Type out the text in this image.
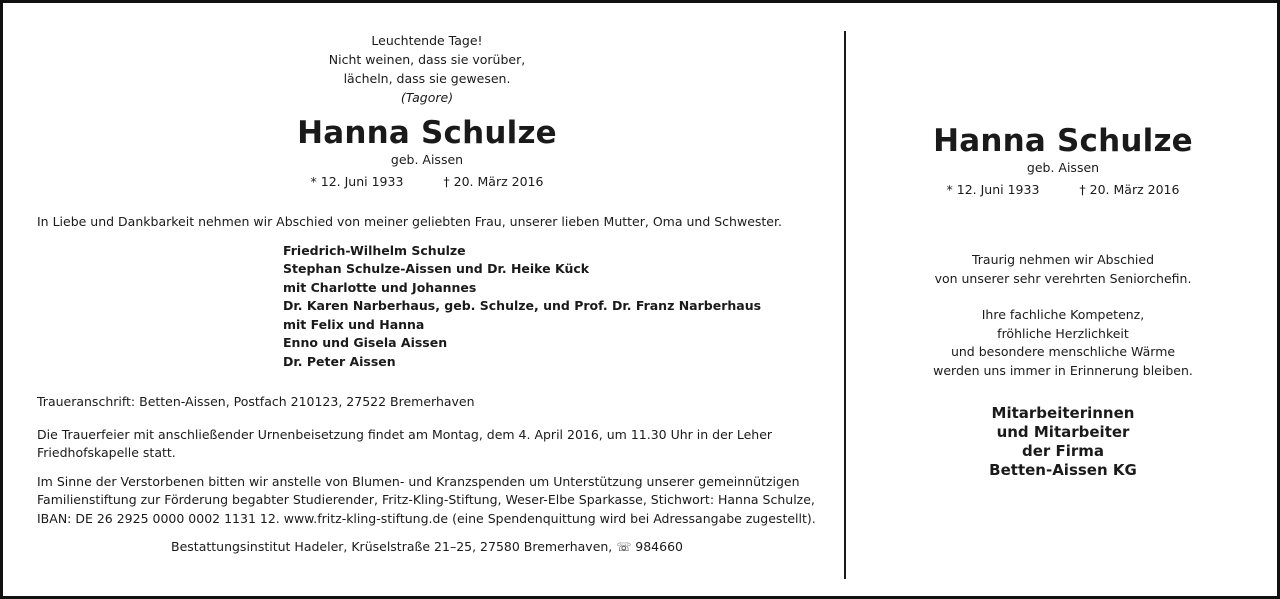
Leuchtende Tage!
Nicht weinen, dass sie vorüber,
lächeln, dass sie gewesen.
(Tagore)
Hanna Schulze
geb. Aissen
* 12. Juni 1933	† 20. März 2016
In Liebe und Dankbarkeit nehmen wir Abschied von meiner geliebten Frau, unserer lieben Mutter, Oma und Schwester.
Friedrich-Wilhelm Schulze
Stephan Schulze-Aissen und Dr. Heike Kück
mit Charlotte und Johannes
Dr. Karen Narberhaus, geb. Schulze, und Prof. Dr. Franz Narberhaus
mit Felix und Hanna
Enno und Gisela Aissen
Dr. Peter Aissen
Traueranschrift: Betten-Aissen, Postfach 210123, 27522 Bremerhaven
Die Trauerfeier mit anschließender Urnenbeisetzung findet am Montag, dem 4. April 2016, um 11.30 Uhr in der Leher Friedhofskapelle statt.
Im Sinne der Verstorbenen bitten wir anstelle von Blumen- und Kranzspenden um Unterstützung unserer gemeinnützigen Familienstiftung zur Förderung begabter Studierender, Fritz-Kling-Stiftung, Weser-Elbe Sparkasse, Stichwort: Hanna Schulze, IBAN: DE 26 2925 0000 0002 1131 12. www.fritz-kling-stiftung.de (eine Spendenquittung wird bei Adressangabe zugestellt).
Bestattungsinstitut Hadeler, Krüselstraße 21–25, 27580 Bremerhaven, ☏ 984660
Hanna Schulze
geb. Aissen
* 12. Juni 1933	† 20. März 2016
Traurig nehmen wir Abschied
von unserer sehr verehrten Seniorchefin.
Ihre fachliche Kompetenz,
fröhliche Herzlichkeit
und besondere menschliche Wärme
werden uns immer in Erinnerung bleiben.
Mitarbeiterinnen
und Mitarbeiter
der Firma
Betten-Aissen KG
